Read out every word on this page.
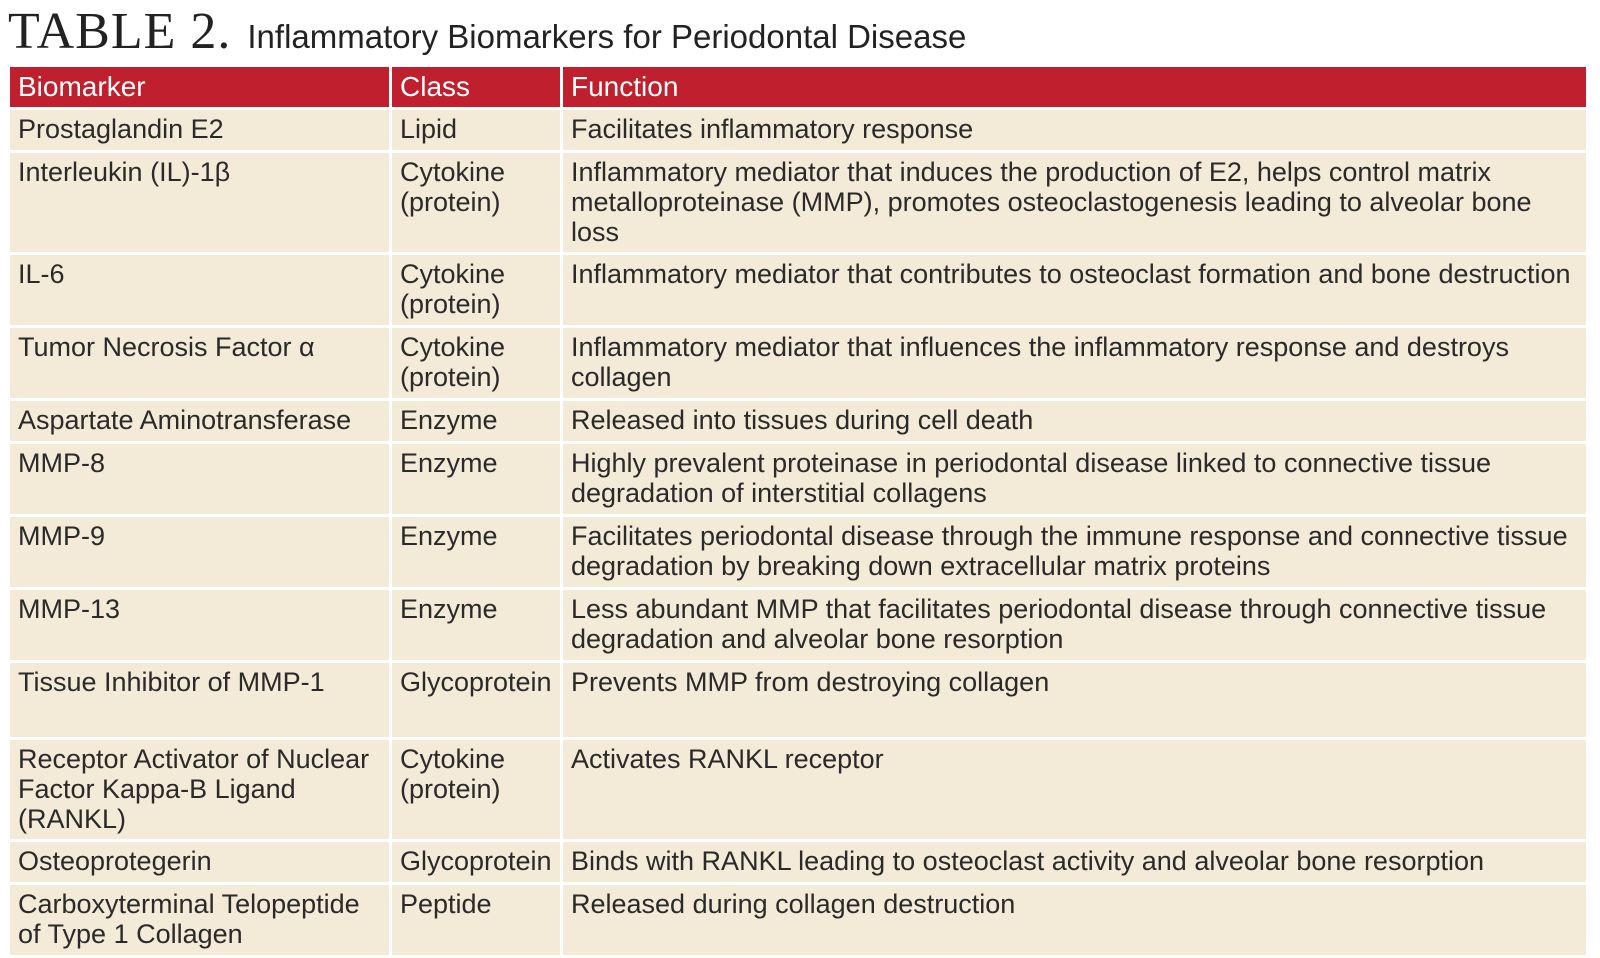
TABLE 2. Inflammatory Biomarkers for Periodontal Disease
Biomarker	Class	Function
Prostaglandin E2	Lipid	Facilitates inflammatory response
Interleukin (IL)-1β	Cytokine (protein)	Inflammatory mediator that induces the production of E2, helps control matrix metalloproteinase (MMP), promotes osteoclastogenesis leading to alveolar bone loss
IL-6	Cytokine (protein)	Inflammatory mediator that contributes to osteoclast formation and bone destruction
Tumor Necrosis Factor α	Cytokine (protein)	Inflammatory mediator that influences the inflammatory response and destroys collagen
Aspartate Aminotransferase	Enzyme	Released into tissues during cell death
MMP-8	Enzyme	Highly prevalent proteinase in periodontal disease linked to connective tissue degradation of interstitial collagens
MMP-9	Enzyme	Facilitates periodontal disease through the immune response and connective tissue degradation by breaking down extracellular matrix proteins
MMP-13	Enzyme	Less abundant MMP that facilitates periodontal disease through connective tissue degradation and alveolar bone resorption
Tissue Inhibitor of MMP-1	Glycoprotein	Prevents MMP from destroying collagen
Receptor Activator of Nuclear Factor Kappa-B Ligand (RANKL)	Cytokine (protein)	Activates RANKL receptor
Osteoprotegerin	Glycoprotein	Binds with RANKL leading to osteoclast activity and alveolar bone resorption
Carboxyterminal Telopeptide of Type 1 Collagen	Peptide	Released during collagen destruction
